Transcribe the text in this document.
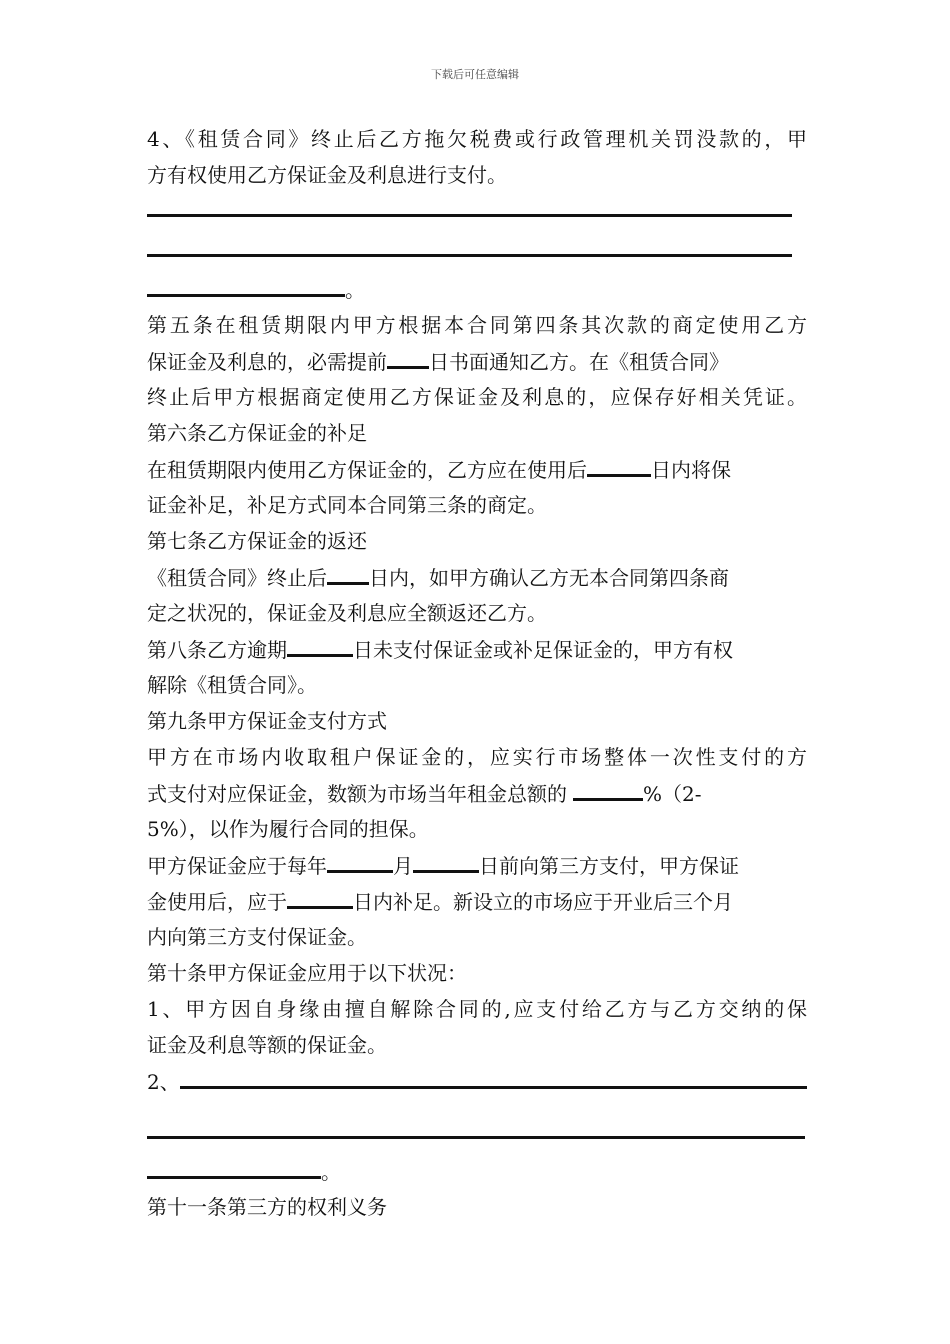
下载后可任意编辑
4、《租赁合同》终止后乙方拖欠税费或行政管理机关罚没款的，甲
方有权使用乙方保证金及利息进行支付。
。
第五条在租赁期限内甲方根据本合同第四条其次款的商定使用乙方
保证金及利息的，必需提前 日书面通知乙方。在《租赁合同》
终止后甲方根据商定使用乙方保证金及利息的，应保存好相关凭证。
第六条乙方保证金的补足
在租赁期限内使用乙方保证金的，乙方应在使用后	日内将保
证金补足，补足方式同本合同第三条的商定。
第七条乙方保证金的返还
《租赁合同》终止后 日内，如甲方确认乙方无本合同第四条商
定之状况的，保证金及利息应全额返还乙方。
第八条乙方逾期	日未支付保证金或补足保证金的，甲方有权
解除《租赁合同》。
第九条甲方保证金支付方式
甲方在市场内收取租户保证金的，应实行市场整体一次性支付的方
式支付对应保证金，数额为市场当年租金总额的	%（2-
5%），以作为履行合同的担保。
甲方保证金应于每年	月	日前向第三方支付，甲方保证
金使用后，应于	日内补足。新设立的市场应于开业后三个月
内向第三方支付保证金。
第十条甲方保证金应用于以下状况：
1、甲方因自身缘由擅自解除合同的,应支付给乙方与乙方交纳的保
证金及利息等额的保证金。
2、
。
第十一条第三方的权利义务
